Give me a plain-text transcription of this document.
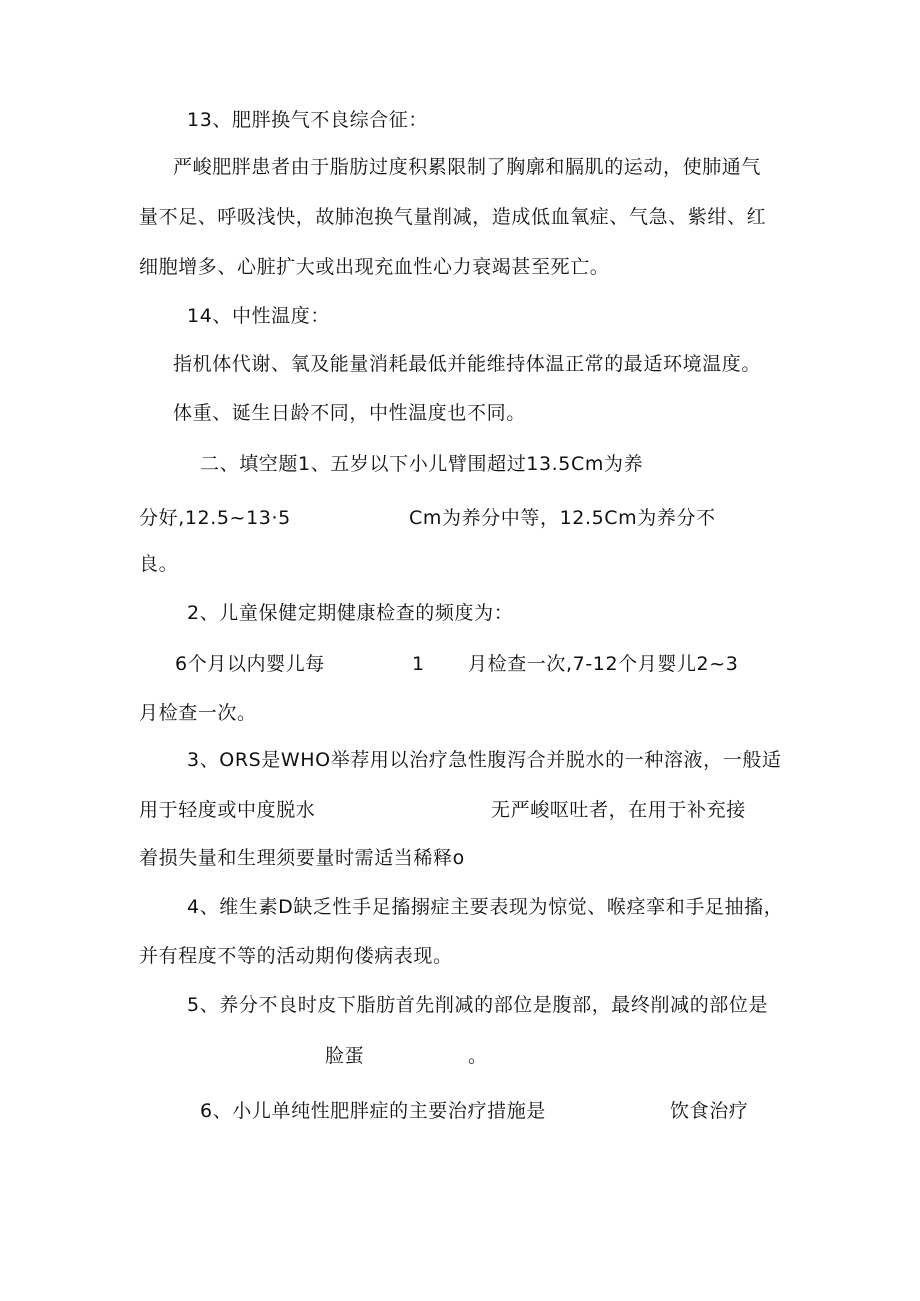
13、肥胖换气不良综合征：
严峻肥胖患者由于脂肪过度积累限制了胸廓和膈肌的运动，使肺通气
量不足、呼吸浅快，故肺泡换气量削减，造成低血氧症、气急、紫绀、红
细胞增多、心脏扩大或出现充血性心力衰竭甚至死亡。
14、中性温度：
指机体代谢、氧及能量消耗最低并能维持体温正常的最适环境温度。
体重、诞生日龄不同，中性温度也不同。
二、填空题1、五岁以下小儿臂围超过13.5Cm为养
分好,12.5~13·5	Cm为养分中等，12.5Cm为养分不
良。
2、儿童保健定期健康检查的频度为：
6个月以内婴儿每	1 月检查一次,7-12个月婴儿2~3
月检查一次。
3、ORS是WHO举荐用以治疗急性腹泻合并脱水的一种溶液，一般适
用于轻度或中度脱水	无严峻呕吐者，在用于补充接
着损失量和生理须要量时需适当稀释o
4、维生素D缺乏性手足搐搦症主要表现为惊觉、喉痉挛和手足抽搐，
并有程度不等的活动期佝偻病表现。
5、养分不良时皮下脂肪首先削减的部位是腹部，最终削减的部位是
脸蛋	。
6、小儿单纯性肥胖症的主要治疗措施是	饮食治疗
